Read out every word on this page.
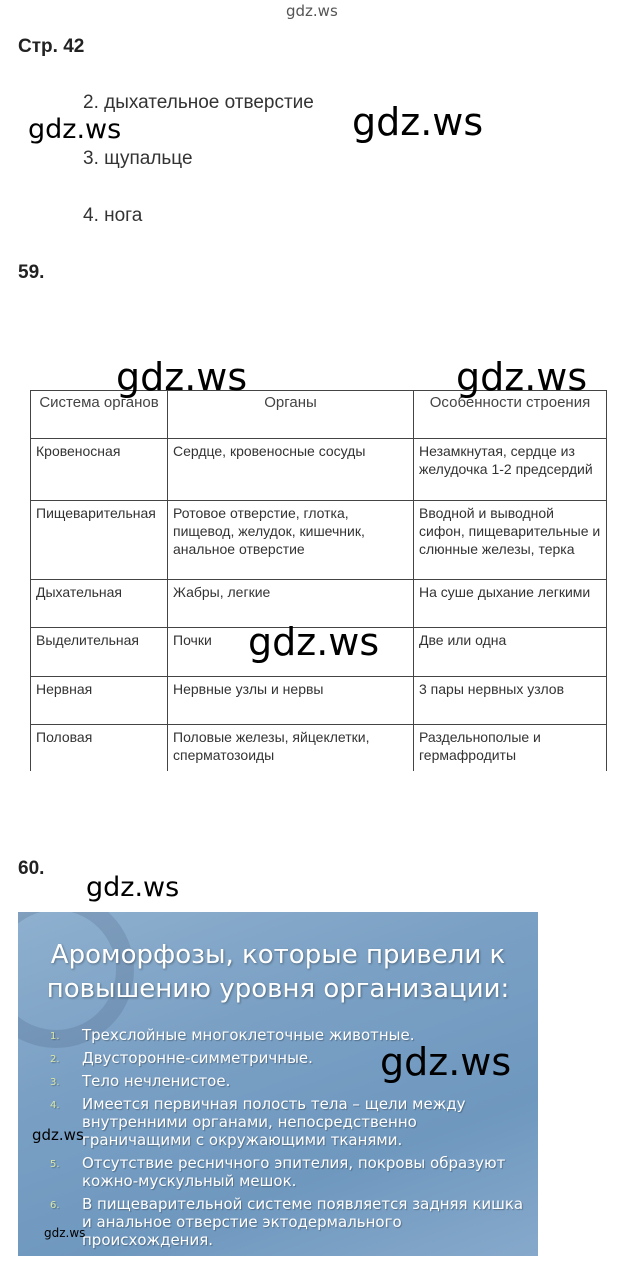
gdz.ws
Стр. 42
2. дыхательное отверстие
3. щупальце
4. нога
gdz.ws	gdz.ws
59.
Система органов	Органы	Особенности строения
Кровеносная	Сердце, кровеносные сосуды	Незамкнутая, сердце из желудочка 1-2 предсердий
Пищеварительная	Ротовое отверстие, глотка, пищевод, желудок, кишечник, анальное отверстие	Вводной и выводной сифон, пищеварительные и слюнные железы, терка
Дыхательная	Жабры, легкие	На суше дыхание легкими
Выделительная	Почки	Две или одна
Нервная	Нервные узлы и нервы	3 пары нервных узлов
Половая	Половые железы, яйцеклетки, сперматозоиды	Раздельнополые и гермафродиты
gdz.ws	gdz.ws
gdz.ws
60.
gdz.ws
Ароморфозы, которые привели к повышению уровня организации:
1. Трехслойные многоклеточные животные.
2. Двусторонне-симметричные.
3. Тело нечленистое.
4. Имеется первичная полость тела – щели между внутренними органами, непосредственно граничащими с окружающими тканями.
5. Отсутствие ресничного эпителия, покровы образуют кожно-мускульный мешок.
6. В пищеварительной системе появляется задняя кишка и анальное отверстие эктодермального происхождения.
gdz.ws
gdz.ws
gdz.ws
